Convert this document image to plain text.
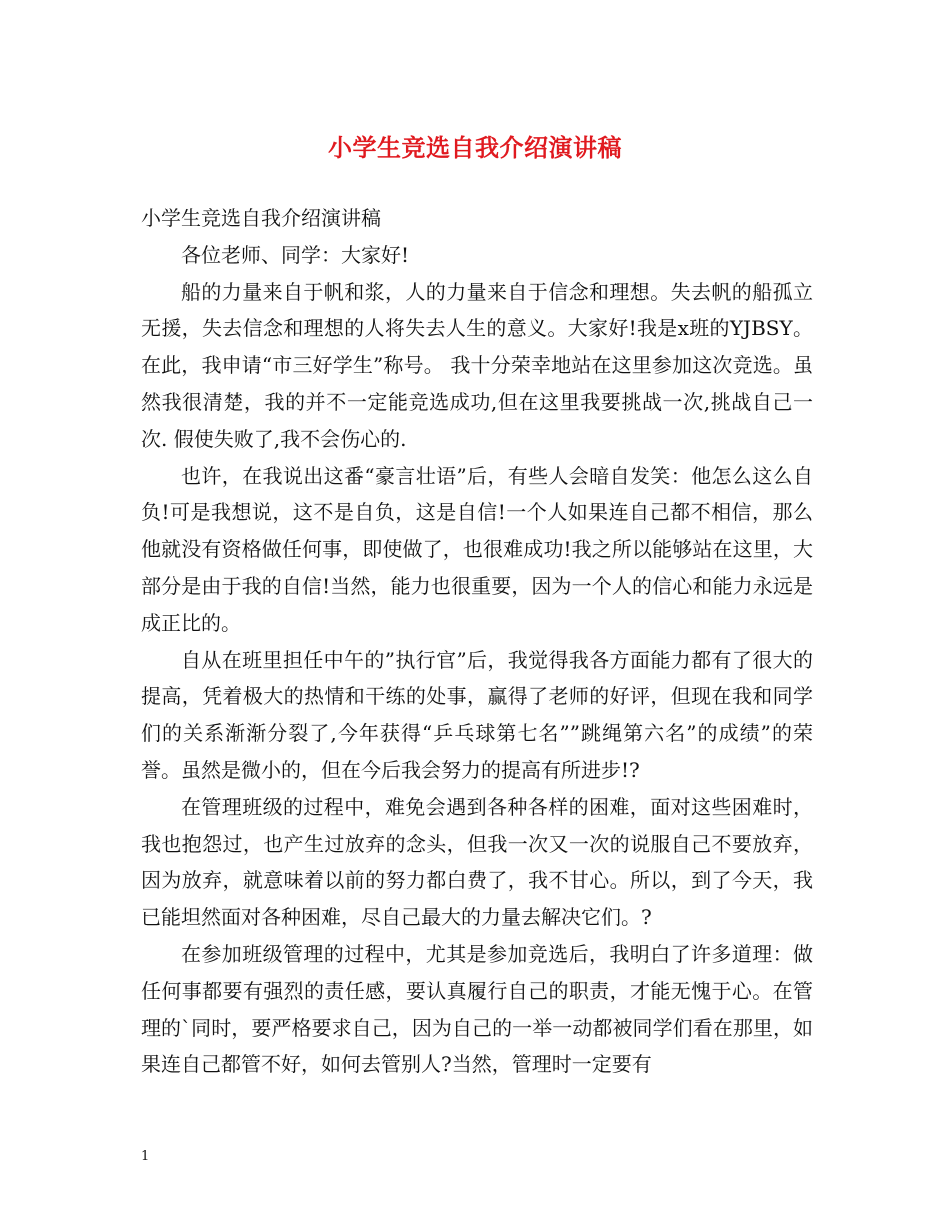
小学生竞选自我介绍演讲稿

小学生竞选自我介绍演讲稿

各位老师、同学：大家好!

船的力量来自于帆和浆，人的力量来自于信念和理想。失去帆的船孤立无援，失去信念和理想的人将失去人生的意义。大家好!我是x班的YJBSY。在此，我申请“市三好学生”称号。 我十分荣幸地站在这里参加这次竞选。虽然我很清楚，我的并不一定能竞选成功,但在这里我要挑战一次,挑战自己一次. 假使失败了,我不会伤心的.

也许，在我说出这番“豪言壮语”后，有些人会暗自发笑：他怎么这么自负!可是我想说，这不是自负，这是自信!一个人如果连自己都不相信，那么他就没有资格做任何事，即使做了，也很难成功!我之所以能够站在这里，大部分是由于我的自信!当然，能力也很重要，因为一个人的信心和能力永远是成正比的。

自从在班里担任中午的”执行官”后，我觉得我各方面能力都有了很大的提高，凭着极大的热情和干练的处事，赢得了老师的好评，但现在我和同学们的关系渐渐分裂了,今年获得“乒乓球第七名””跳绳第六名”的成绩”的荣誉。虽然是微小的，但在今后我会努力的提高有所进步!?

在管理班级的过程中，难免会遇到各种各样的困难，面对这些困难时，我也抱怨过，也产生过放弃的念头，但我一次又一次的说服自己不要放弃，因为放弃，就意味着以前的努力都白费了，我不甘心。所以，到了今天，我已能坦然面对各种困难，尽自己最大的力量去解决它们。?

在参加班级管理的过程中，尤其是参加竞选后，我明白了许多道理：做任何事都要有强烈的责任感，要认真履行自己的职责，才能无愧于心。在管理的`同时，要严格要求自己，因为自己的一举一动都被同学们看在那里，如果连自己都管不好，如何去管别人?当然，管理时一定要有

1
